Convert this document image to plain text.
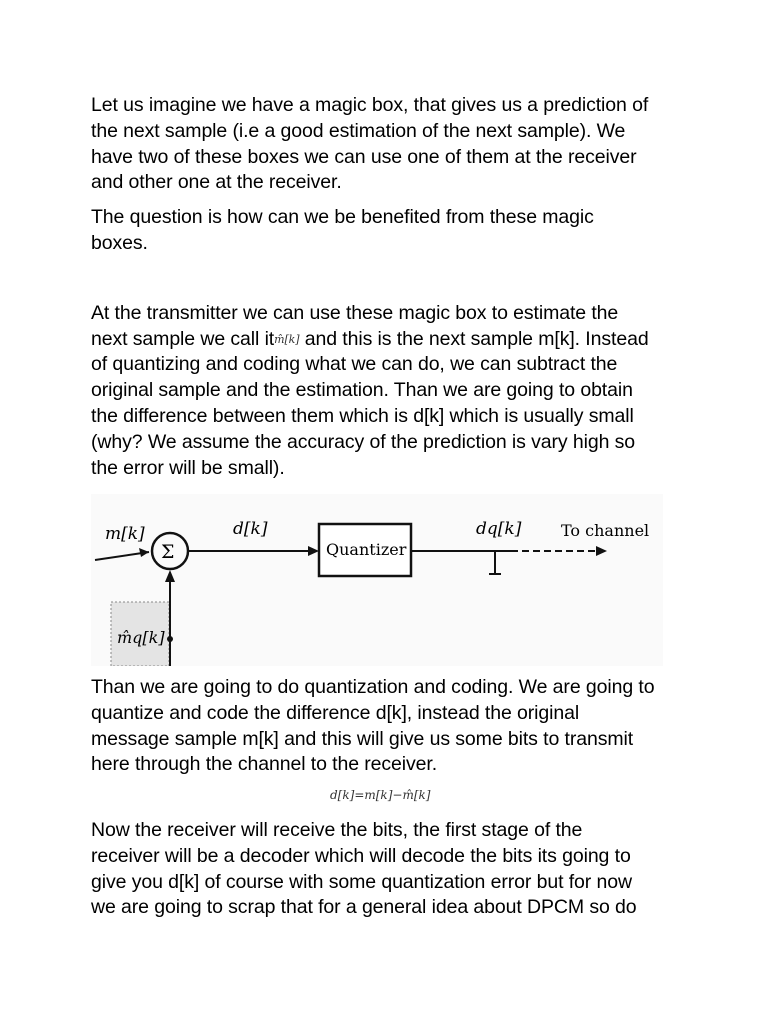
Let us imagine we have a magic box, that gives us a prediction of
the next sample (i.e a good estimation of the next sample). We
have two of these boxes we can use one of them at the receiver
and other one at the receiver.

The question is how can we be benefited from these magic
boxes.

At the transmitter we can use these magic box to estimate the
next sample we call itm̂[k] and this is the next sample m[k]. Instead
of quantizing and coding what we can do, we can subtract the
original sample and the estimation. Than we are going to obtain
the difference between them which is d[k] which is usually small
(why? We assume the accuracy of the prediction is vary high so
the error will be small).

m[k]
Σ
d[k]
Quantizer
dq[k] To channel
m̂q[k]

Than we are going to do quantization and coding. We are going to
quantize and code the difference d[k], instead the original
message sample m[k] and this will give us some bits to transmit
here through the channel to the receiver.

d[k]=m[k]−m̂[k]

Now the receiver will receive the bits, the first stage of the
receiver will be a decoder which will decode the bits its going to
give you d[k] of course with some quantization error but for now
we are going to scrap that for a general idea about DPCM so do
